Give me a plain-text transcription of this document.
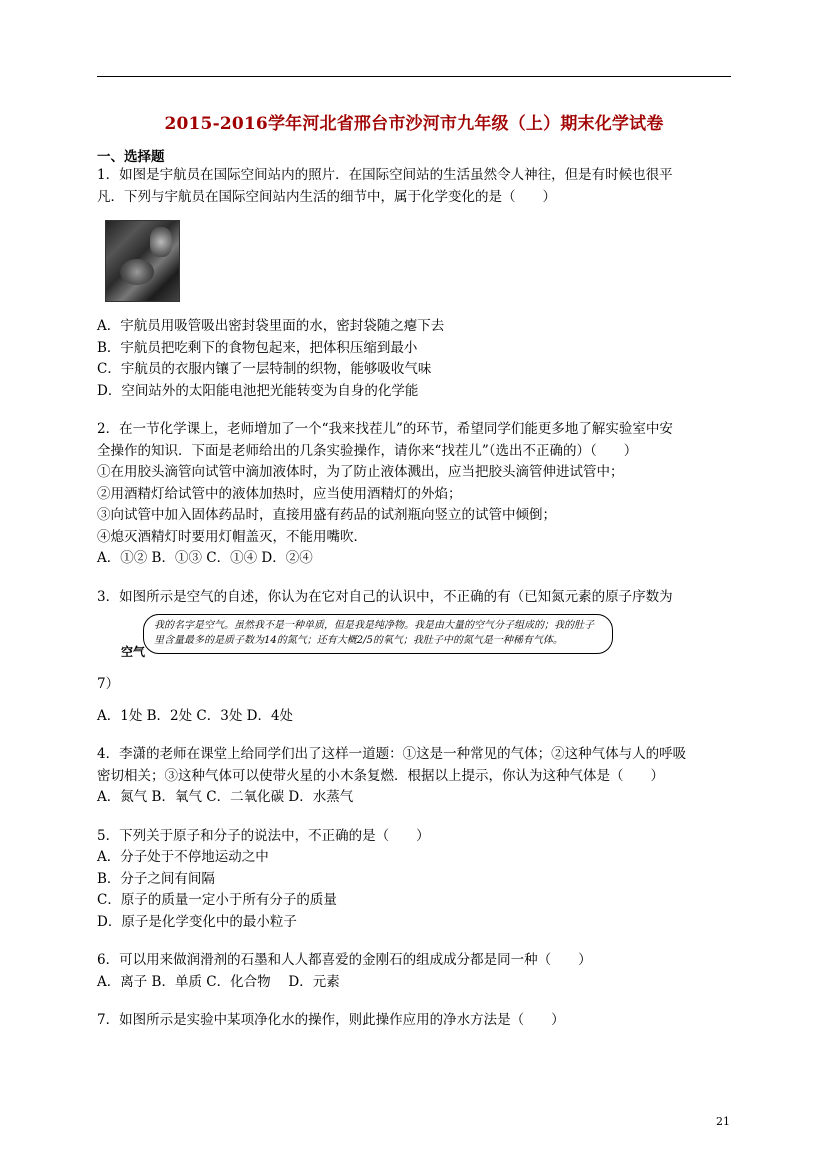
2015-2016学年河北省邢台市沙河市九年级（上）期末化学试卷
一、选择题

1．如图是宇航员在国际空间站内的照片．在国际空间站的生活虽然令人神往，但是有时候也很平

凡．下列与宇航员在国际空间站内生活的细节中，属于化学变化的是（　　）

A．宇航员用吸管吸出密封袋里面的水，密封袋随之瘪下去

B．宇航员把吃剩下的食物包起来，把体积压缩到最小

C．宇航员的衣服内镶了一层特制的织物，能够吸收气味

D．空间站外的太阳能电池把光能转变为自身的化学能

2．在一节化学课上，老师增加了一个“我来找茬儿”的环节，希望同学们能更多地了解实验室中安

全操作的知识．下面是老师给出的几条实验操作，请你来“找茬儿”（选出不正确的）（　　）

①在用胶头滴管向试管中滴加液体时，为了防止液体溅出，应当把胶头滴管伸进试管中；

②用酒精灯给试管中的液体加热时，应当使用酒精灯的外焰；

③向试管中加入固体药品时，直接用盛有药品的试剂瓶向竖立的试管中倾倒；

④熄灭酒精灯时要用灯帽盖灭，不能用嘴吹．

A．①② B．①③ C．①④ D．②④

3．如图所示是空气的自述，你认为在它对自己的认识中，不正确的有（已知氮元素的原子序数为

空气
我的名字是空气。虽然我不是一种单质，但是我是纯净物。我是由大量的空气分子组成的；我的肚子里含量最多的是质子数为14的氮气；还有大概2/5的氧气；我肚子中的氮气是一种稀有气体。

7）

A．1处 B．2处 C．3处 D．4处

4．李潇的老师在课堂上给同学们出了这样一道题：①这是一种常见的气体；②这种气体与人的呼吸

密切相关；③这种气体可以使带火星的小木条复燃．根据以上提示，你认为这种气体是（　　）

A．氮气 B．氧气 C．二氧化碳 D．水蒸气

5．下列关于原子和分子的说法中，不正确的是（　　）

A．分子处于不停地运动之中

B．分子之间有间隔

C．原子的质量一定小于所有分子的质量

D．原子是化学变化中的最小粒子

6．可以用来做润滑剂的石墨和人人都喜爱的金刚石的组成成分都是同一种（　　）

A．离子 B．单质 C．化合物　 D．元素

7．如图所示是实验中某项净化水的操作，则此操作应用的净水方法是（　　）

21
